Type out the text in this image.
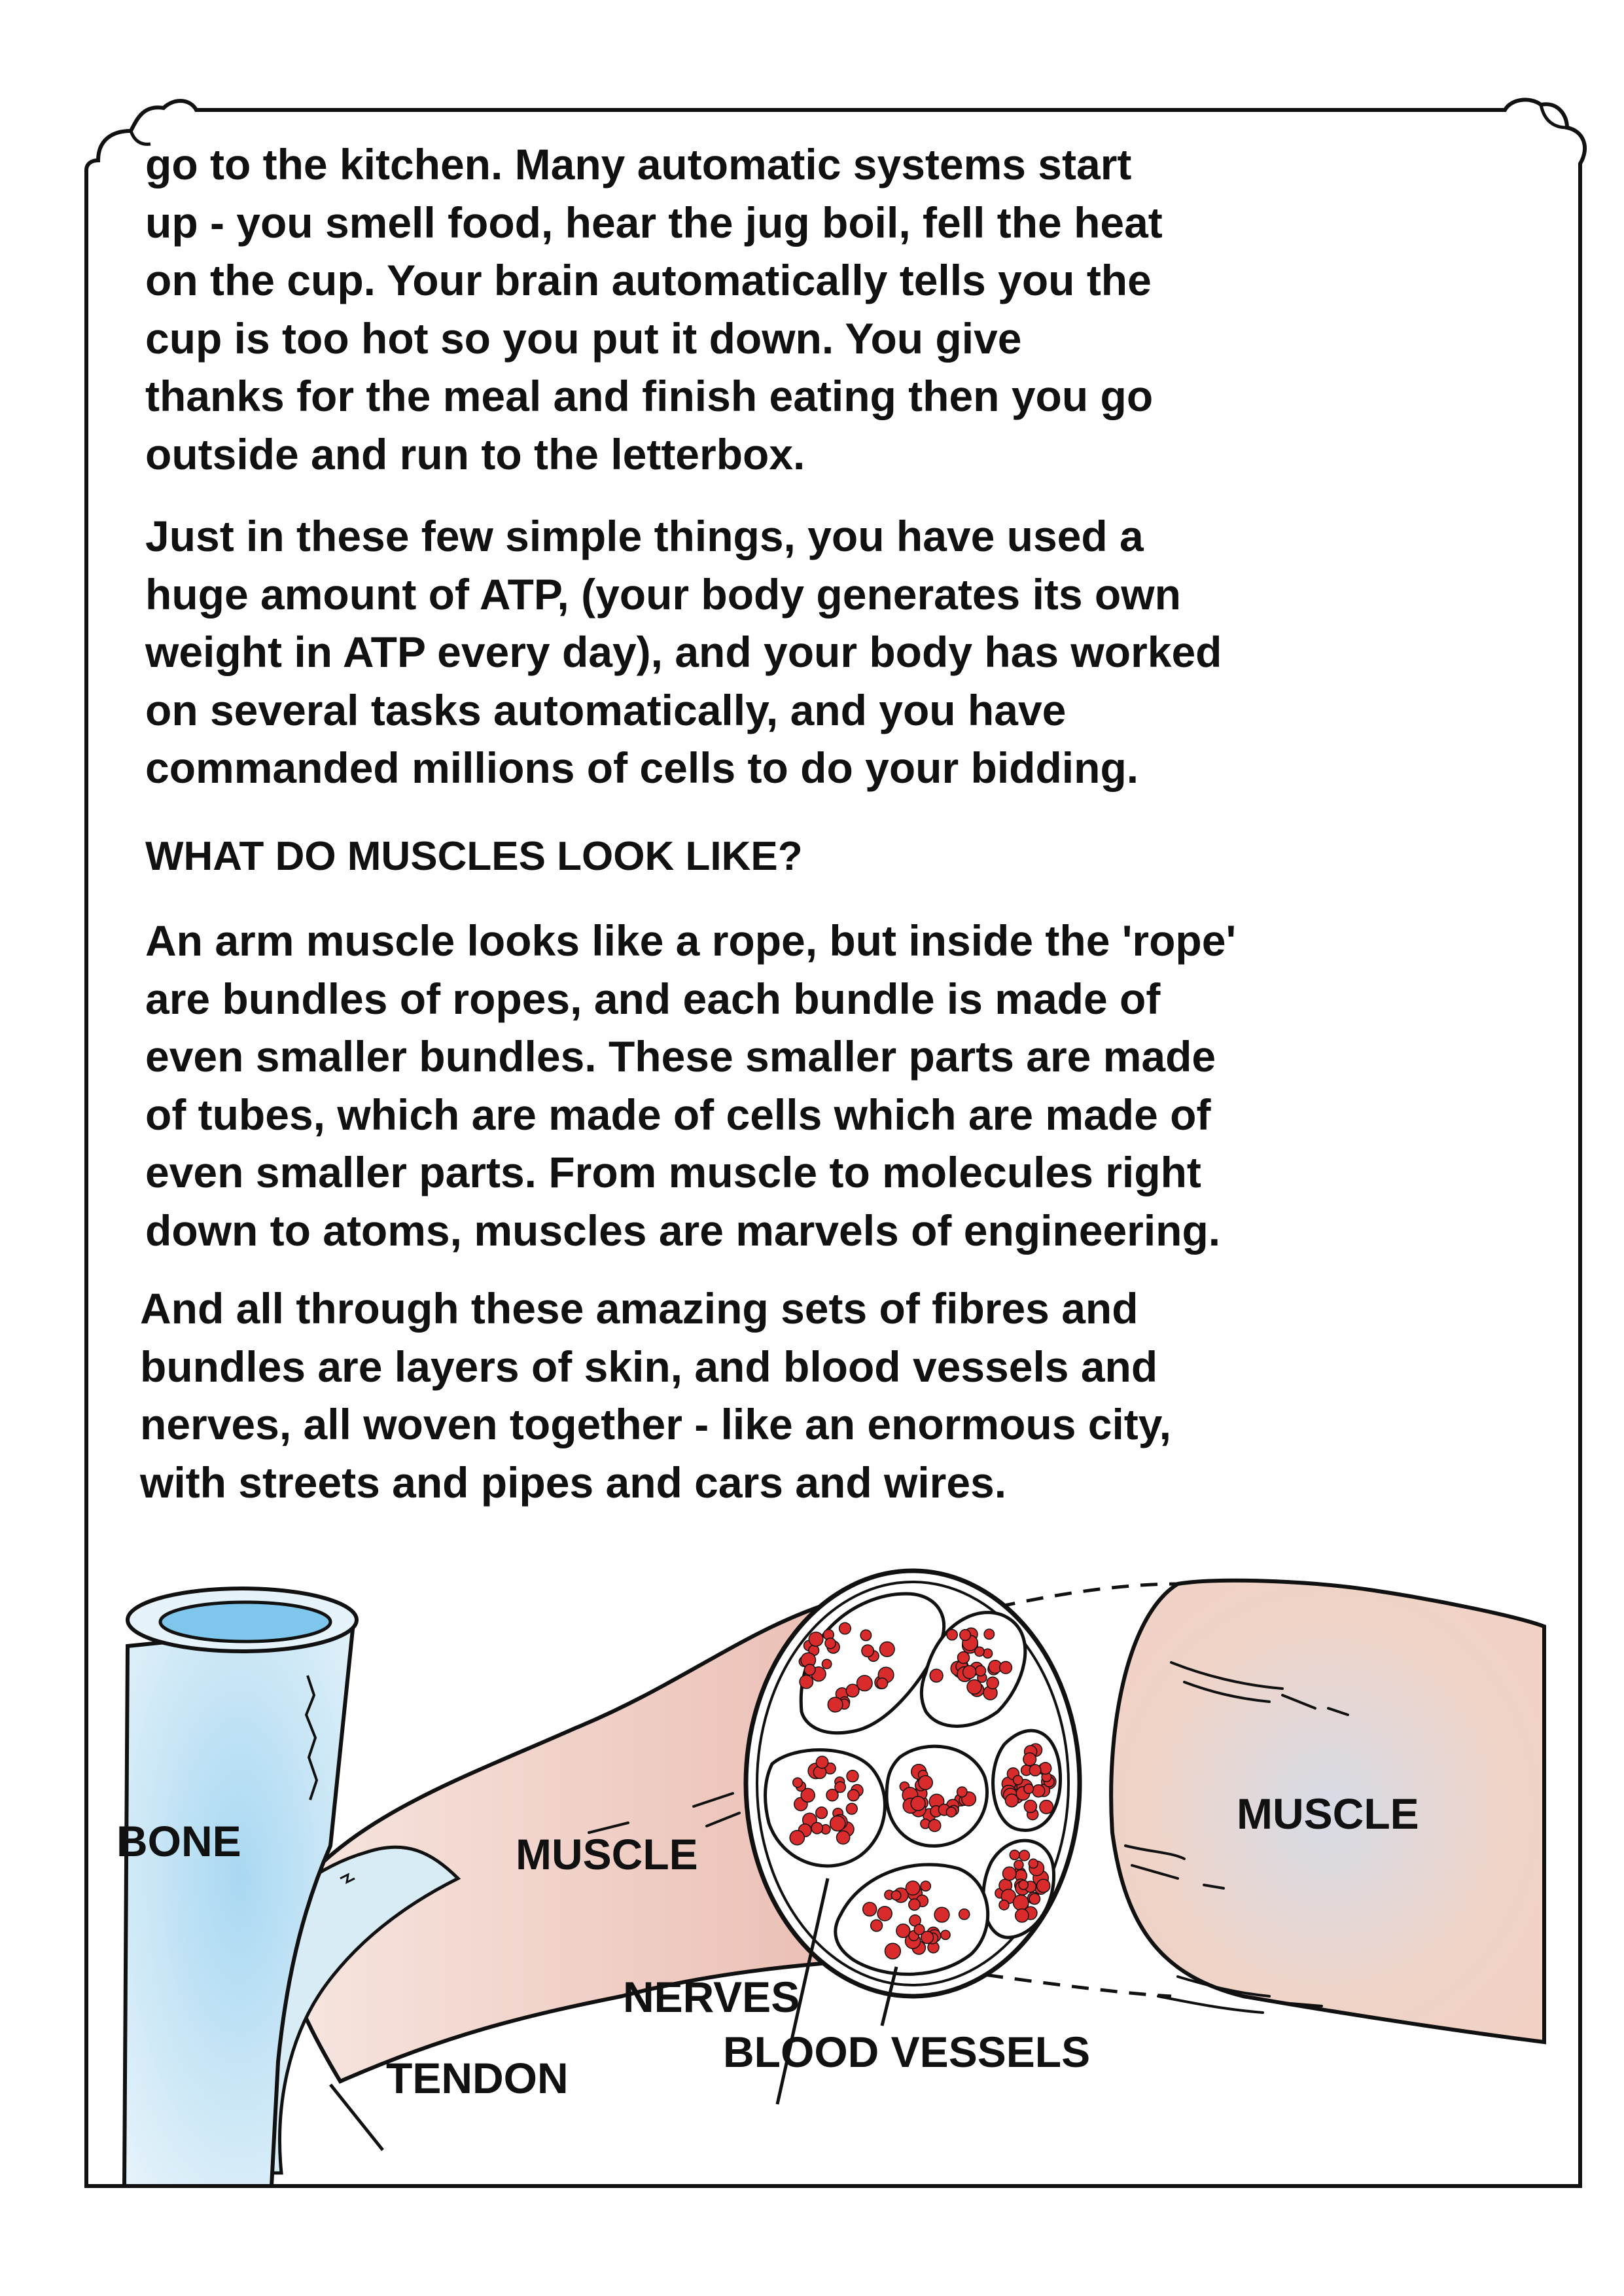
go to the kitchen. Many automatic systems start

up - you smell food, hear the jug boil, fell the heat

on the cup. Your brain automatically tells you the

cup is too hot so you put it down. You give

thanks for the meal and finish eating then you go

outside and run to the letterbox.

Just in these few simple things, you have used a

huge amount of ATP, (your body generates its own

weight in ATP every day), and your body has worked

on several tasks automatically, and you have

commanded millions of cells to do your bidding.

WHAT DO MUSCLES LOOK LIKE?

An arm muscle looks like a rope, but inside the 'rope'

are bundles of ropes, and each bundle is made of

even smaller bundles. These smaller parts are made

of tubes, which are made of cells which are made of

even smaller parts. From muscle to molecules right

down to atoms, muscles are marvels of engineering.

And all through these amazing sets of fibres and

bundles are layers of skin, and blood vessels and

nerves, all woven together - like an enormous city,

with streets and pipes and cars and wires.

BONE	MUSCLE
MUSCLE
NERVES
BLOOD VESSELS
TENDON
